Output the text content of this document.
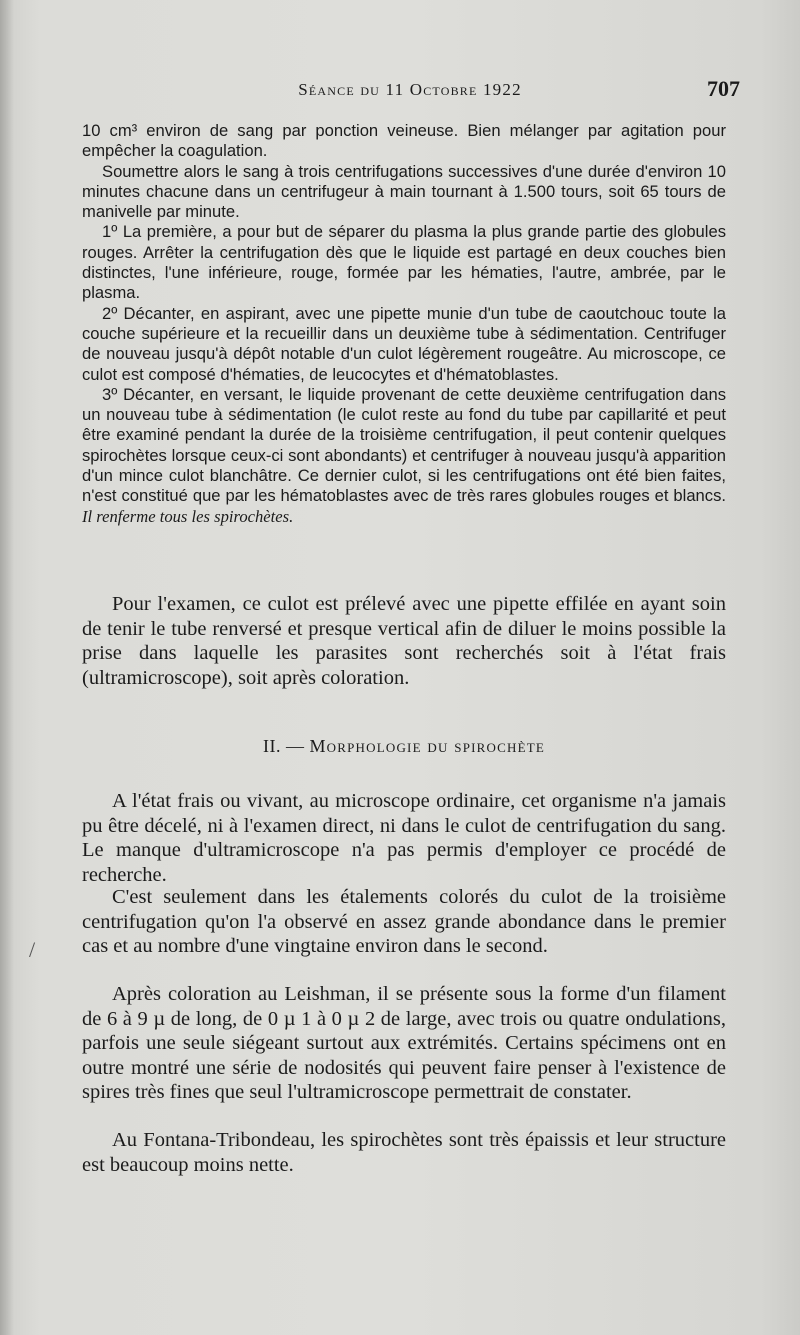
Séance du 11 Octobre 1922	707

10 cm³ environ de sang par ponction veineuse. Bien mélanger par agitation pour empêcher la coagulation.

Soumettre alors le sang à trois centrifugations successives d'une durée d'environ 10 minutes chacune dans un centrifugeur à main tournant à 1.500 tours, soit 65 tours de manivelle par minute.

1º La première, a pour but de séparer du plasma la plus grande partie des globules rouges. Arrêter la centrifugation dès que le liquide est partagé en deux couches bien distinctes, l'une inférieure, rouge, formée par les hématies, l'autre, ambrée, par le plasma.

2º Décanter, en aspirant, avec une pipette munie d'un tube de caoutchouc toute la couche supérieure et la recueillir dans un deuxième tube à sédimentation. Centrifuger de nouveau jusqu'à dépôt notable d'un culot légèrement rougeâtre. Au microscope, ce culot est composé d'hématies, de leucocytes et d'hématoblastes.

3º Décanter, en versant, le liquide provenant de cette deuxième centrifugation dans un nouveau tube à sédimentation (le culot reste au fond du tube par capillarité et peut être examiné pendant la durée de la troisième centrifugation, il peut contenir quelques spirochètes lorsque ceux-ci sont abondants) et centrifuger à nouveau jusqu'à apparition d'un mince culot blanchâtre. Ce dernier culot, si les centrifugations ont été bien faites, n'est constitué que par les hématoblastes avec de très rares globules rouges et blancs. Il renferme tous les spirochètes.

Pour l'examen, ce culot est prélevé avec une pipette effilée en ayant soin de tenir le tube renversé et presque vertical afin de diluer le moins possible la prise dans laquelle les parasites sont recherchés soit à l'état frais (ultramicroscope), soit après coloration.

II. — Morphologie du spirochète

A l'état frais ou vivant, au microscope ordinaire, cet organisme n'a jamais pu être décelé, ni à l'examen direct, ni dans le culot de centrifugation du sang. Le manque d'ultramicroscope n'a pas permis d'employer ce procédé de recherche.

C'est seulement dans les étalements colorés du culot de la troisième centrifugation qu'on l'a observé en assez grande abondance dans le premier cas et au nombre d'une vingtaine environ dans le second.

Après coloration au Leishman, il se présente sous la forme d'un filament de 6 à 9 µ de long, de 0 µ 1 à 0 µ 2 de large, avec trois ou quatre ondulations, parfois une seule siégeant surtout aux extrémités. Certains spécimens ont en outre montré une série de nodosités qui peuvent faire penser à l'existence de spires très fines que seul l'ultramicroscope permettrait de constater.

Au Fontana-Tribondeau, les spirochètes sont très épaissis et leur structure est beaucoup moins nette.

/
